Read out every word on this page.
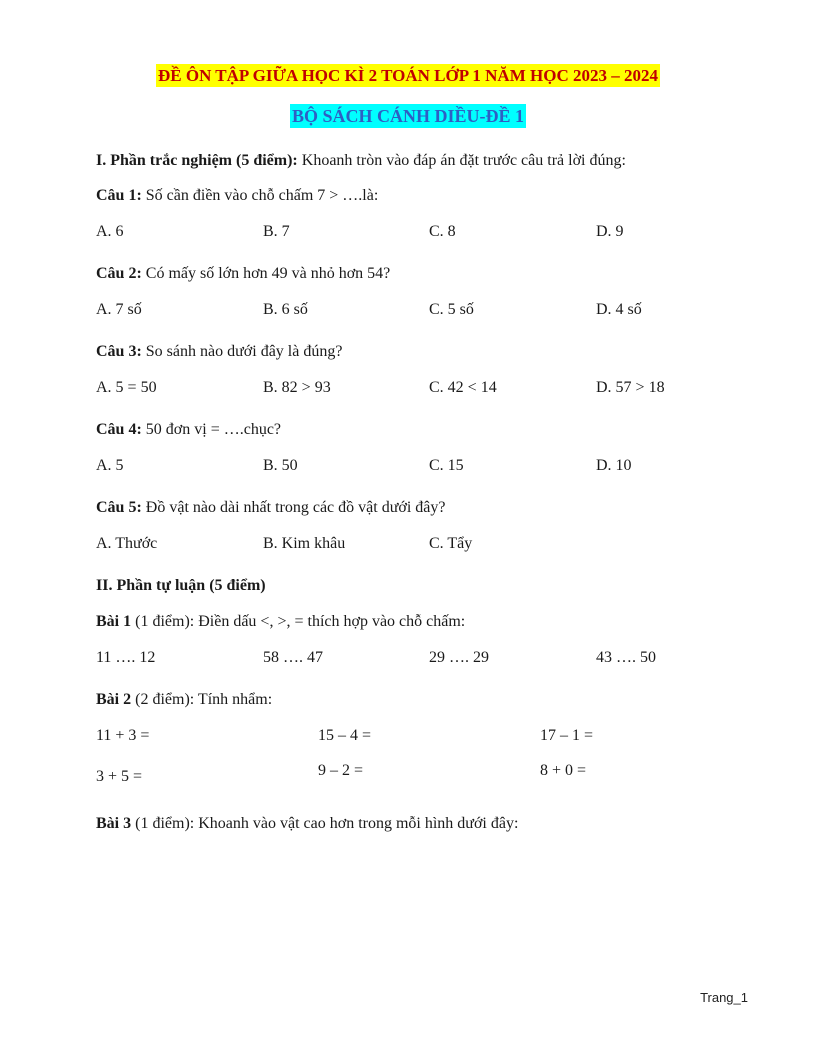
ĐỀ ÔN TẬP GIỮA HỌC KÌ 2 TOÁN LỚP 1 NĂM HỌC 2023 – 2024
BỘ SÁCH CÁNH DIỀU-ĐỀ 1
I. Phần trắc nghiệm (5 điểm): Khoanh tròn vào đáp án đặt trước câu trả lời đúng:
Câu 1: Số cần điền vào chỗ chấm 7 > ….là:
A. 6	B. 7	C. 8	D. 9
Câu 2: Có mấy số lớn hơn 49 và nhỏ hơn 54?
A. 7 số	B. 6 số	C. 5 số	D. 4 số
Câu 3: So sánh nào dưới đây là đúng?
A. 5 = 50	B. 82 > 93	C. 42 < 14	D. 57 > 18
Câu 4: 50 đơn vị = ….chục?
A. 5	B. 50	C. 15	D. 10
Câu 5: Đồ vật nào dài nhất trong các đồ vật dưới đây?
A. Thước	B. Kim khâu	C. Tẩy
II. Phần tự luận (5 điểm)
Bài 1 (1 điểm): Điền dấu <, >, = thích hợp vào chỗ chấm:
11 …. 12	58 …. 47	29 …. 29	43 …. 50
Bài 2 (2 điểm): Tính nhẩm:
11 + 3 =	15 – 4 =	17 – 1 =
3 + 5 =	9 – 2 =	8 + 0 =
Bài 3 (1 điểm): Khoanh vào vật cao hơn trong mỗi hình dưới đây:
Trang_1
